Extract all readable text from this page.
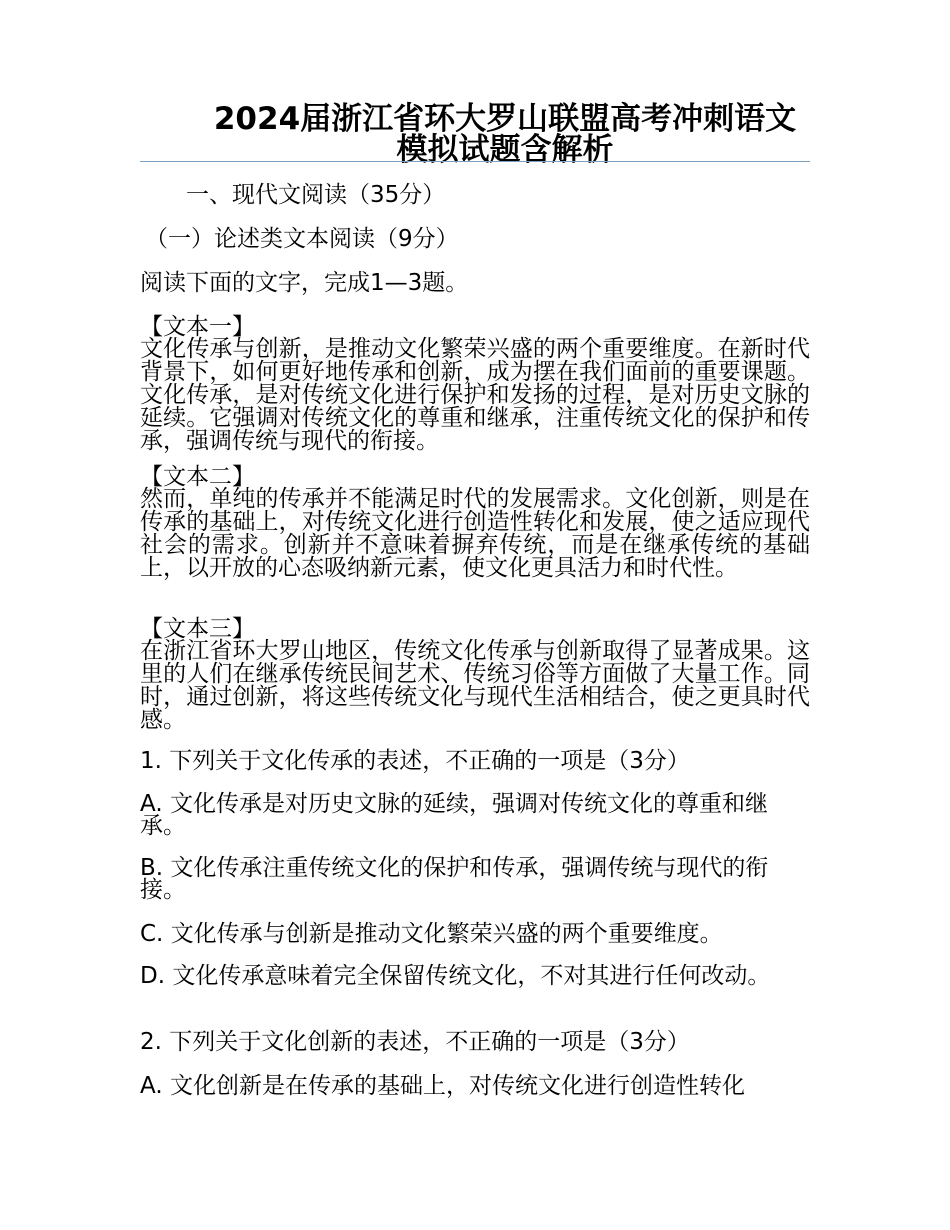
2024届浙江省环大罗山联盟高考冲刺语文模拟试题含解析
一、现代文阅读（35分）
（一）论述类文本阅读（9分）
阅读下面的文字，完成1—3题。
【文本一】
文化传承与创新，是推动文化繁荣兴盛的两个重要维度。在新时代背景下，如何更好地传承和创新，成为摆在我们面前的重要课题。文化传承，是对传统文化进行保护和发扬的过程，是对历史文脉的延续。它强调对传统文化的尊重和继承，注重传统文化的保护和传承，强调传统与现代的衔接。
【文本二】
然而，单纯的传承并不能满足时代的发展需求。文化创新，则是在传承的基础上，对传统文化进行创造性转化和发展，使之适应现代社会的需求。创新并不意味着摒弃传统，而是在继承传统的基础上，以开放的心态吸纳新元素，使文化更具活力和时代性。
【文本三】
在浙江省环大罗山地区，传统文化传承与创新取得了显著成果。这里的人们在继承传统民间艺术、传统习俗等方面做了大量工作。同时，通过创新，将这些传统文化与现代生活相结合，使之更具时代感。
1. 下列关于文化传承的表述，不正确的一项是（3分）
A. 文化传承是对历史文脉的延续，强调对传统文化的尊重和继承。
B. 文化传承注重传统文化的保护和传承，强调传统与现代的衔接。
C. 文化传承与创新是推动文化繁荣兴盛的两个重要维度。
D. 文化传承意味着完全保留传统文化，不对其进行任何改动。
2. 下列关于文化创新的表述，不正确的一项是（3分）
A. 文化创新是在传承的基础上，对传统文化进行创造性转化
